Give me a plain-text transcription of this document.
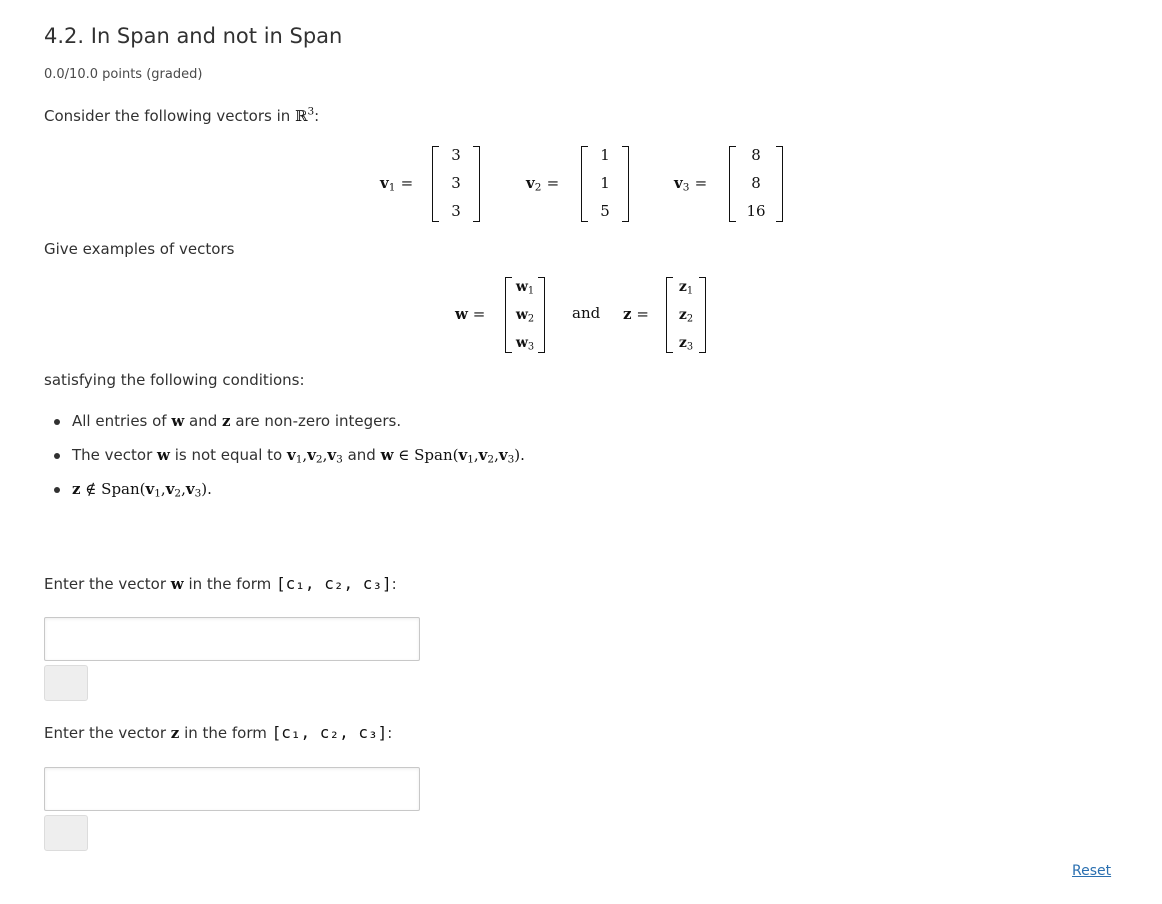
4.2. In Span and not in Span
0.0/10.0 points (graded)
Consider the following vectors in ℝ$^3$:
$v_1$ =
3
3
3
$v_2$ =
1
1
5
$v_3$ =
8
8
16
Give examples of vectors
w =
$w_1$
$w_2$
$w_3$
and z =
$z_1$
$z_2$
$z_3$
satisfying the following conditions:
All entries of w and z are non-zero integers.
The vector w is not equal to $v_1,v_2,v_3$ and w ∈ $Span(v_1,v_2,v_3)$.
z ∉ $Span(v_1,v_2,v_3)$.
Enter the vector w in the form [c₁, c₂, c₃]:
Enter the vector z in the form [c₁, c₂, c₃]:
Reset
